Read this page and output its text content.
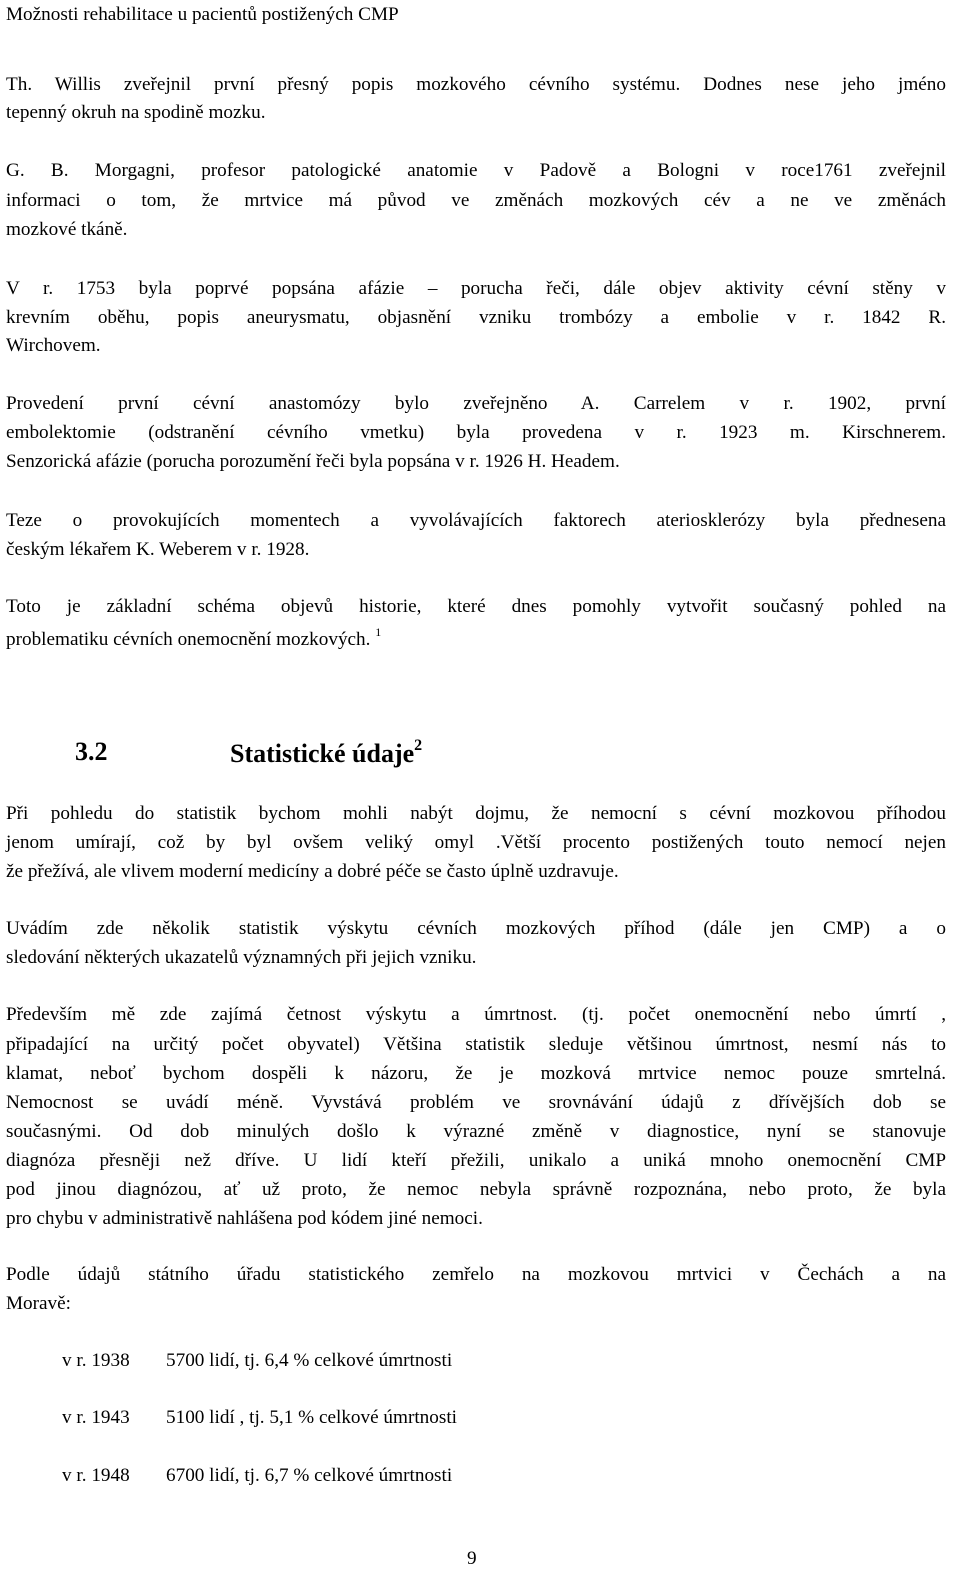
Možnosti rehabilitace u pacientů postižených CMP
Th. Willis zveřejnil první přesný popis mozkového cévního systému. Dodnes nese jeho jméno
tepenný okruh na spodině mozku.
G. B. Morgagni, profesor patologické anatomie v Padově a Bologni v roce1761 zveřejnil
informaci o tom, že mrtvice má původ ve změnách mozkových cév a ne ve změnách
mozkové tkáně.
V r. 1753 byla poprvé popsána afázie – porucha řeči, dále objev aktivity cévní stěny v
krevním oběhu, popis aneurysmatu, objasnění vzniku trombózy a embolie v r. 1842 R.
Wirchovem.
Provedení první cévní anastomózy bylo zveřejněno A. Carrelem v r. 1902, první
embolektomie (odstranění cévního vmetku) byla provedena v r. 1923 m. Kirschnerem.
Senzorická afázie (porucha porozumění řeči byla popsána v r. 1926 H. Headem.
Teze o provokujících momentech a vyvolávajících faktorech ateriosklerózy byla přednesena
českým lékařem K. Weberem v r. 1928.
Toto je základní schéma objevů historie, které dnes pomohly vytvořit současný pohled na
problematiku cévních onemocnění mozkových. $^1$
3.2	Statistické údaje$^2$
Při pohledu do statistik bychom mohli nabýt dojmu, že nemocní s cévní mozkovou příhodou
jenom umírají, což by byl ovšem veliký omyl .Větší procento postižených touto nemocí nejen
že přežívá, ale vlivem moderní medicíny a dobré péče se často úplně uzdravuje.
Uvádím zde několik statistik výskytu cévních mozkových příhod (dále jen CMP) a o
sledování některých ukazatelů významných při jejich vzniku.
Především mě zde zajímá četnost výskytu a úmrtnost. (tj. počet onemocnění nebo úmrtí ,
připadající na určitý počet obyvatel) Většina statistik sleduje většinou úmrtnost, nesmí nás to
klamat, neboť bychom dospěli k názoru, že je mozková mrtvice nemoc pouze smrtelná.
Nemocnost se uvádí méně. Vyvstává problém ve srovnávání údajů z dřívějších dob se
současnými. Od dob minulých došlo k výrazné změně v diagnostice, nyní se stanovuje
diagnóza přesněji než dříve. U lidí kteří přežili, unikalo a uniká mnoho onemocnění CMP
pod jinou diagnózou, ať už proto, že nemoc nebyla správně rozpoznána, nebo proto, že byla
pro chybu v administrativě nahlášena pod kódem jiné nemoci.
Podle údajů státního úřadu statistického zemřelo na mozkovou mrtvici v Čechách a na
Moravě:
v r. 1938 5700 lidí, tj. 6,4 % celkové úmrtnosti
v r. 1943 5100 lidí , tj. 5,1 % celkové úmrtnosti
v r. 1948 6700 lidí, tj. 6,7 % celkové úmrtnosti
9
